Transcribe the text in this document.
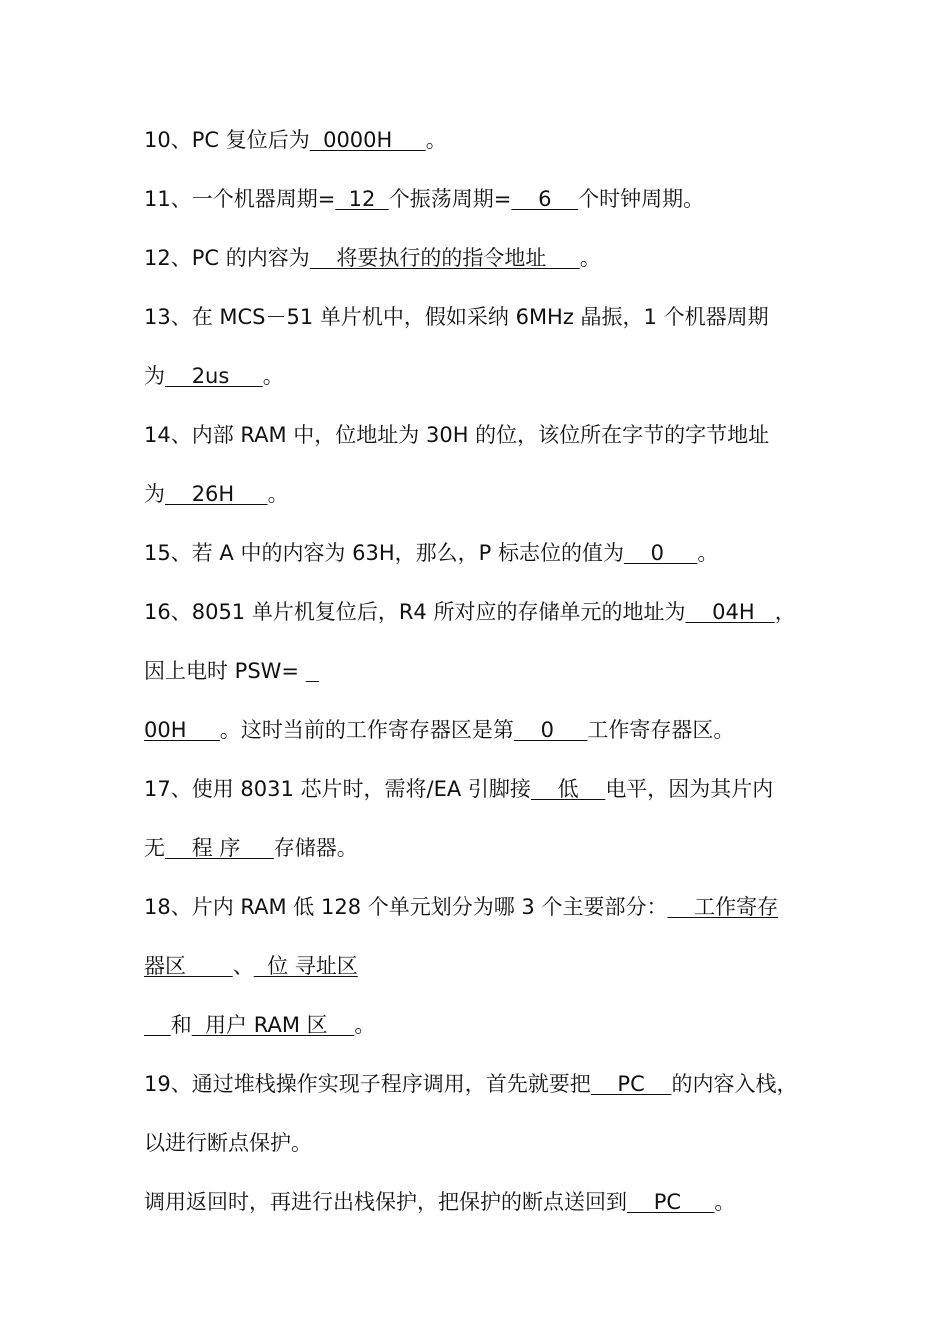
10、PC 复位后为  0000H     。
11、一个机器周期=  12  个振荡周期=    6    个时钟周期。
12、PC 的内容为    将要执行的的指令地址     。
13、在 MCS－51 单片机中，假如采纳 6MHz 晶振，1 个机器周期
为    2us     。
14、内部 RAM 中，位地址为 30H 的位，该位所在字节的字节地址
为    26H     。
15、若 A 中的内容为 63H，那么，P 标志位的值为    0     。
16、8051 单片机复位后，R4 所对应的存储单元的地址为    04H   ，
因上电时 PSW=
00H     。这时当前的工作寄存器区是第    0     工作寄存器区。
17、使用 8031 芯片时，需将/EA 引脚接    低    电平，因为其片内
无    程 序     存储器。
18、片内 RAM 低 128 个单元划分为哪 3 个主要部分：    工作寄存
器区       、  位 寻址区
和  用户 RAM 区    。
19、通过堆栈操作实现子程序调用，首先就要把    PC    的内容入栈，
以进行断点保护。
调用返回时，再进行出栈保护，把保护的断点送回到    PC     。
